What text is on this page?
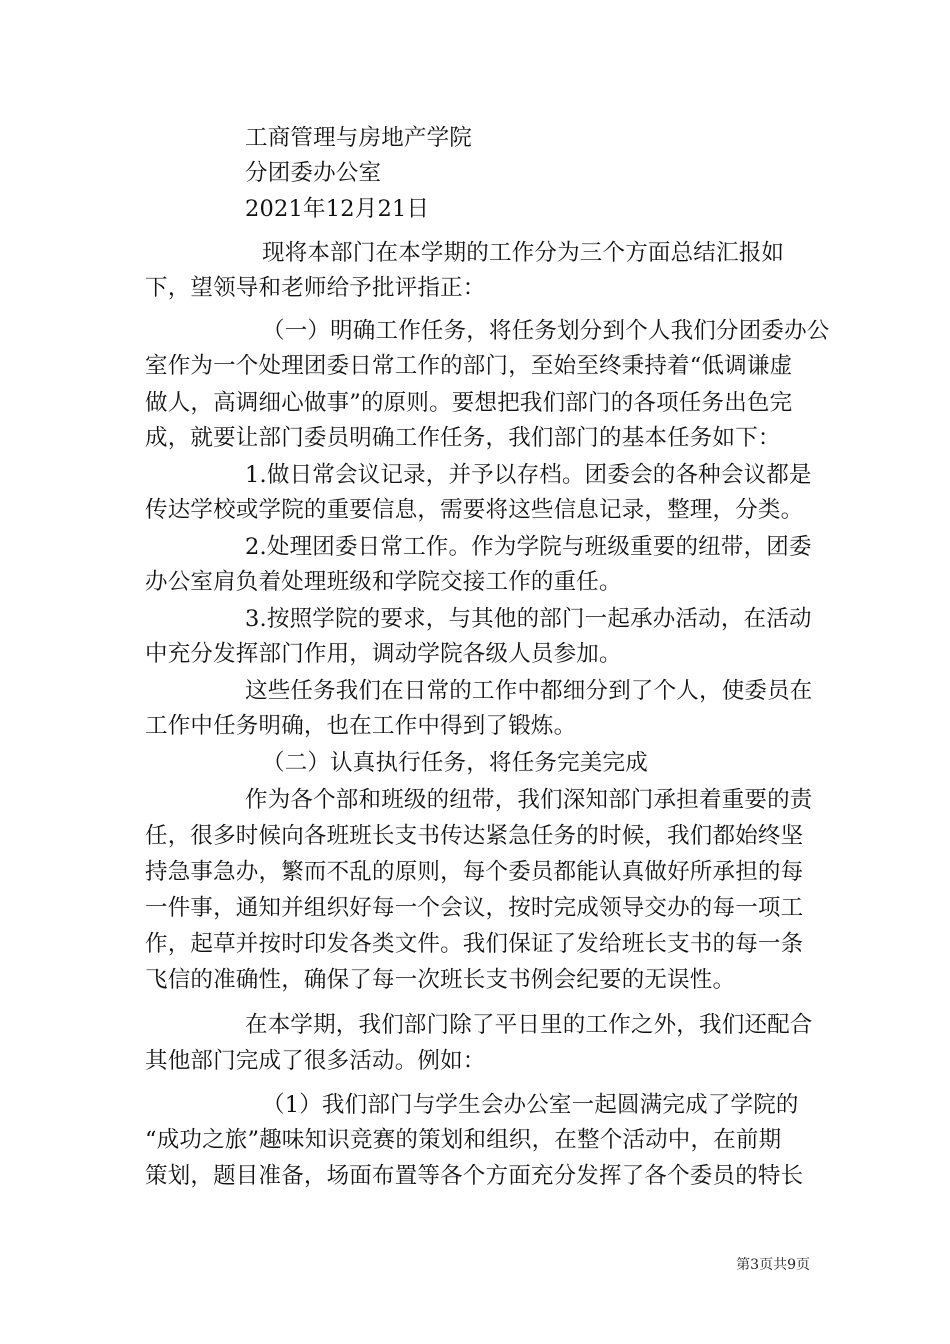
工商管理与房地产学院
分团委办公室
2021年12月21日
现将本部门在本学期的工作分为三个方面总结汇报如
下，望领导和老师给予批评指正：
（一）明确工作任务，将任务划分到个人我们分团委办公
室作为一个处理团委日常工作的部门，至始至终秉持着“低调谦虚
做人，高调细心做事”的原则。要想把我们部门的各项任务出色完
成，就要让部门委员明确工作任务，我们部门的基本任务如下：
1.做日常会议记录，并予以存档。团委会的各种会议都是
传达学校或学院的重要信息，需要将这些信息记录，整理，分类。
2.处理团委日常工作。作为学院与班级重要的纽带，团委
办公室肩负着处理班级和学院交接工作的重任。
3.按照学院的要求，与其他的部门一起承办活动，在活动
中充分发挥部门作用，调动学院各级人员参加。
这些任务我们在日常的工作中都细分到了个人，使委员在
工作中任务明确，也在工作中得到了锻炼。
（二）认真执行任务，将任务完美完成
作为各个部和班级的纽带，我们深知部门承担着重要的责
任，很多时候向各班班长支书传达紧急任务的时候，我们都始终坚
持急事急办，繁而不乱的原则，每个委员都能认真做好所承担的每
一件事，通知并组织好每一个会议，按时完成领导交办的每一项工
作，起草并按时印发各类文件。我们保证了发给班长支书的每一条
飞信的准确性，确保了每一次班长支书例会纪要的无误性。
在本学期，我们部门除了平日里的工作之外，我们还配合
其他部门完成了很多活动。例如：
（1）我们部门与学生会办公室一起圆满完成了学院的
“成功之旅”趣味知识竞赛的策划和组织，在整个活动中，在前期
策划，题目准备，场面布置等各个方面充分发挥了各个委员的特长
第3页共9页
